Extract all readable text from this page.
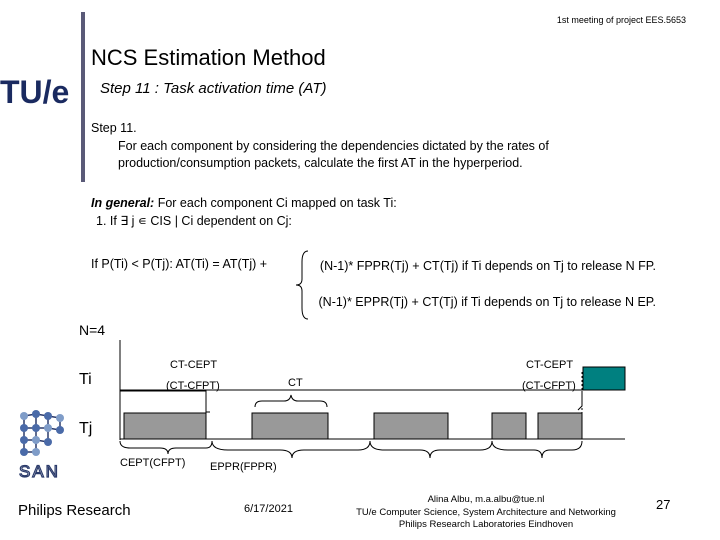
1st meeting of project EES.5653
NCS Estimation Method
Step 11 : Task activation time (AT)
TU/e
Step 11.
For each component by considering the dependencies dictated by the rates of production/consumption packets, calculate the first AT in the hyperperiod.
In general: For each component Ci mapped on task Ti:
1. If ∃ j ∊ CIS | Ci dependent on Cj:
If P(Ti) < P(Tj): AT(Ti) = AT(Tj) +	(N-1)* FPPR(Tj) + CT(Tj) if Ti depends on Tj to release N FP.
(N-1)* EPPR(Tj) + CT(Tj) if Ti depends on Tj to release N EP.
N=4
Ti
Tj
CT-CEPT
(CT-CFPT)	CT
CT-CEPT
(CT-CFPT)
CEPT(CFPT) EPPR(FPPR)
SAN
Philips Research	6/17/2021
Alina Albu, m.a.albu@tue.nl
TU/e Computer Science, System Architecture and Networking
Philips Research Laboratories Eindhoven
27
